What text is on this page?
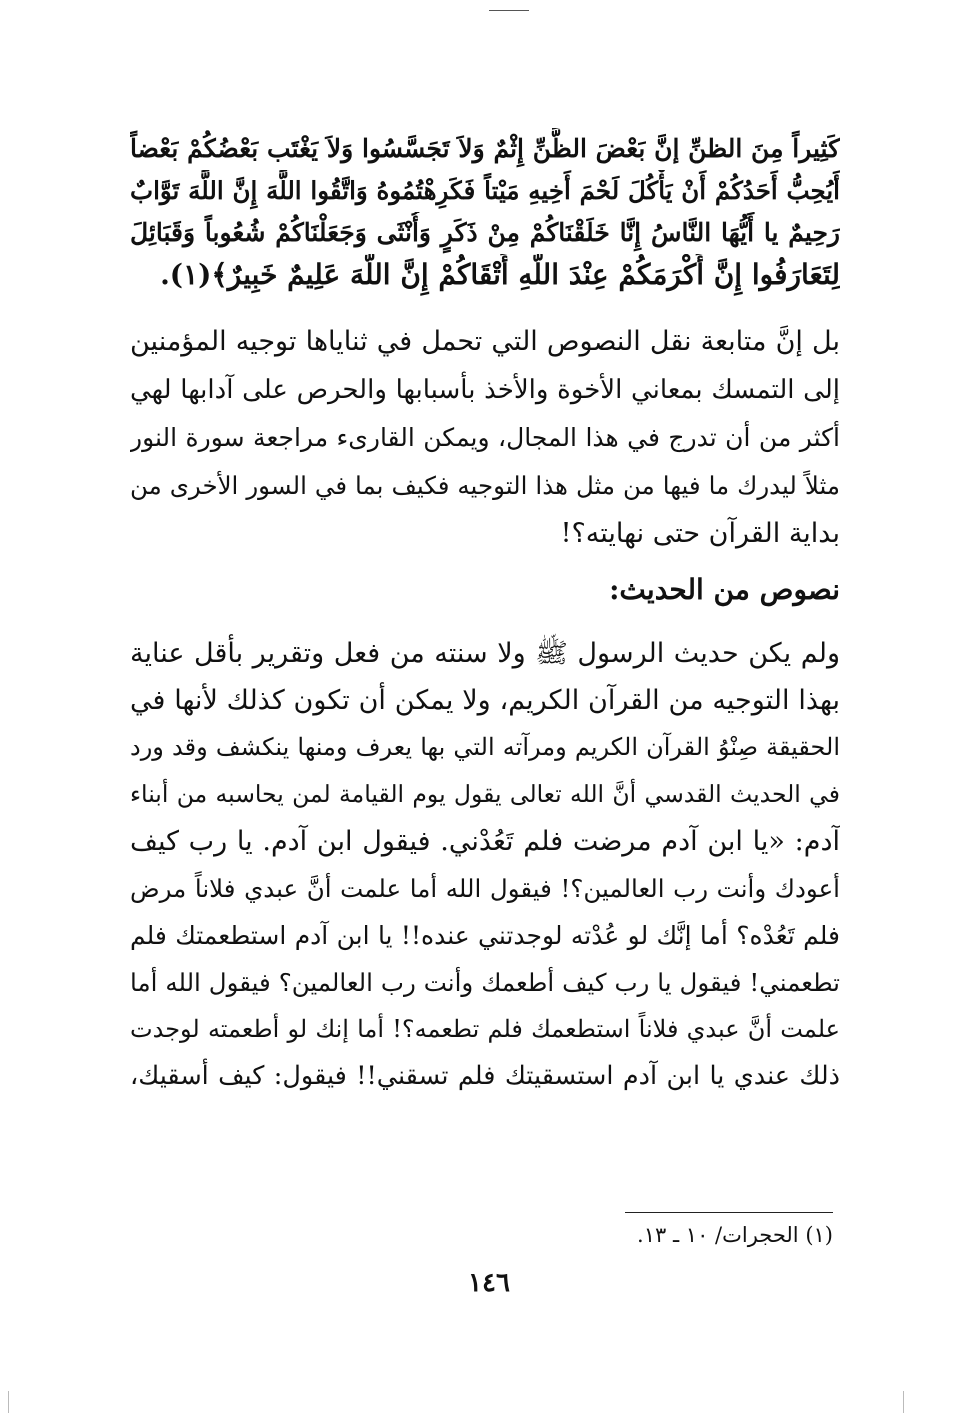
كَثِيراً مِنَ الظنِّ إنَّ بَعْضَ الظَّنِّ إِثْمٌ وَلاَ تَجَسَّسُوا وَلاَ يَغْتَب بَعْضُكُمْ بَعْضاً
أَيُحِبُّ أَحَدُكُمْ أَنْ يَأْكُلَ لَحْمَ أَخِيهِ مَيْتاً فَكَرِهْتُمُوهُ وَاتَّقُوا اللَّهَ إِنَّ اللَّهَ تَوَّابٌ
رَحِيمٌ يا أَيُّهَا النَّاسُ إِنَّا خَلَقْنَاكُمْ مِنْ ذَكَرٍ وَأُنْثَى وَجَعَلْنَاكُمْ شُعُوباً وَقَبَائِلَ
لِتَعَارَفُوا إِنَّ أَكْرَمَكُمْ عِنْدَ اللَّهِ أَتْقَاكُمْ إِنَّ اللَّهَ عَلِيمٌ خَبِيرٌ﴾(١).
بل إنَّ متابعة نقل النصوص التي تحمل في ثناياها توجيه المؤمنين
إلى التمسك بمعاني الأخوة والأخذ بأسبابها والحرص على آدابها لهي
أكثر من أن تدرج في هذا المجال، ويمكن القارىء مراجعة سورة النور
مثلاً ليدرك ما فيها من مثل هذا التوجيه فكيف بما في السور الأخرى من
بداية القرآن حتى نهايته؟!
نصوص من الحديث:
ولم يكن حديث الرسول ﷺ ولا سنته من فعل وتقرير بأقل عناية
بهذا التوجيه من القرآن الكريم، ولا يمكن أن تكون كذلك لأنها في
الحقيقة صِنْوُ القرآن الكريم ومرآته التي بها يعرف ومنها ينكشف وقد ورد
في الحديث القدسي أنَّ الله تعالى يقول يوم القيامة لمن يحاسبه من أبناء
آدم: «يا ابن آدم مرضت فلم تَعُدْني. فيقول ابن آدم. يا رب كيف
أعودك وأنت رب العالمين؟! فيقول الله أما علمت أنَّ عبدي فلاناً مرض
فلم تَعُدْه؟ أما إنَّك لو عُدْته لوجدتني عنده!! يا ابن آدم استطعمتك فلم
تطعمني! فيقول يا رب كيف أطعمك وأنت رب العالمين؟ فيقول الله أما
علمت أنَّ عبدي فلاناً استطعمك فلم تطعمه؟! أما إنك لو أطعمته لوجدت
ذلك عندي يا ابن آدم استسقيتك فلم تسقني!! فيقول: كيف أسقيك،
(١) الحجرات/ ١٠ ـ ١٣.
١٤٦
